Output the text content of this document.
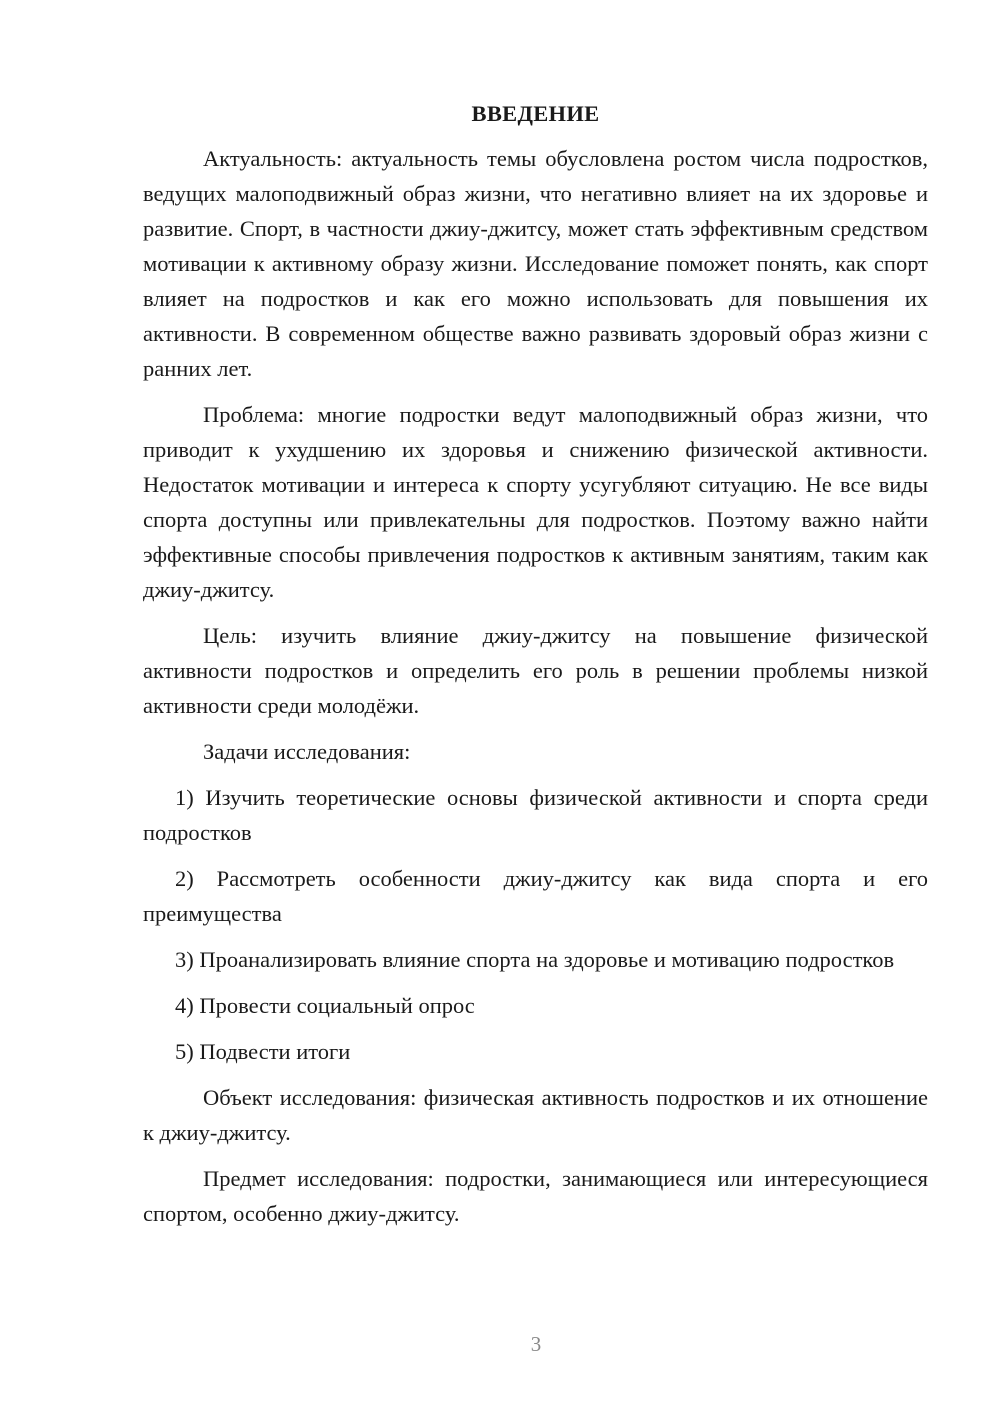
ВВЕДЕНИЕ

Актуальность: актуальность темы обусловлена ростом числа подростков, ведущих малоподвижный образ жизни, что негативно влияет на их здоровье и развитие. Спорт, в частности джиу-джитсу, может стать эффективным средством мотивации к активному образу жизни. Исследование поможет понять, как спорт влияет на подростков и как его можно использовать для повышения их активности. В современном обществе важно развивать здоровый образ жизни с ранних лет.

Проблема: многие подростки ведут малоподвижный образ жизни, что приводит к ухудшению их здоровья и снижению физической активности. Недостаток мотивации и интереса к спорту усугубляют ситуацию. Не все виды спорта доступны или привлекательны для подростков. Поэтому важно найти эффективные способы привлечения подростков к активным занятиям, таким как джиу-джитсу.

Цель: изучить влияние джиу-джитсу на повышение физической активности подростков и определить его роль в решении проблемы низкой активности среди молодёжи.

Задачи исследования:

1) Изучить теоретические основы физической активности и спорта среди подростков

2) Рассмотреть особенности джиу-джитсу как вида спорта и его преимущества

3) Проанализировать влияние спорта на здоровье и мотивацию подростков

4) Провести социальный опрос

5) Подвести итоги

Объект исследования: физическая активность подростков и их отношение к джиу-джитсу.

Предмет исследования: подростки, занимающиеся или интересующиеся спортом, особенно джиу-джитсу.

3
